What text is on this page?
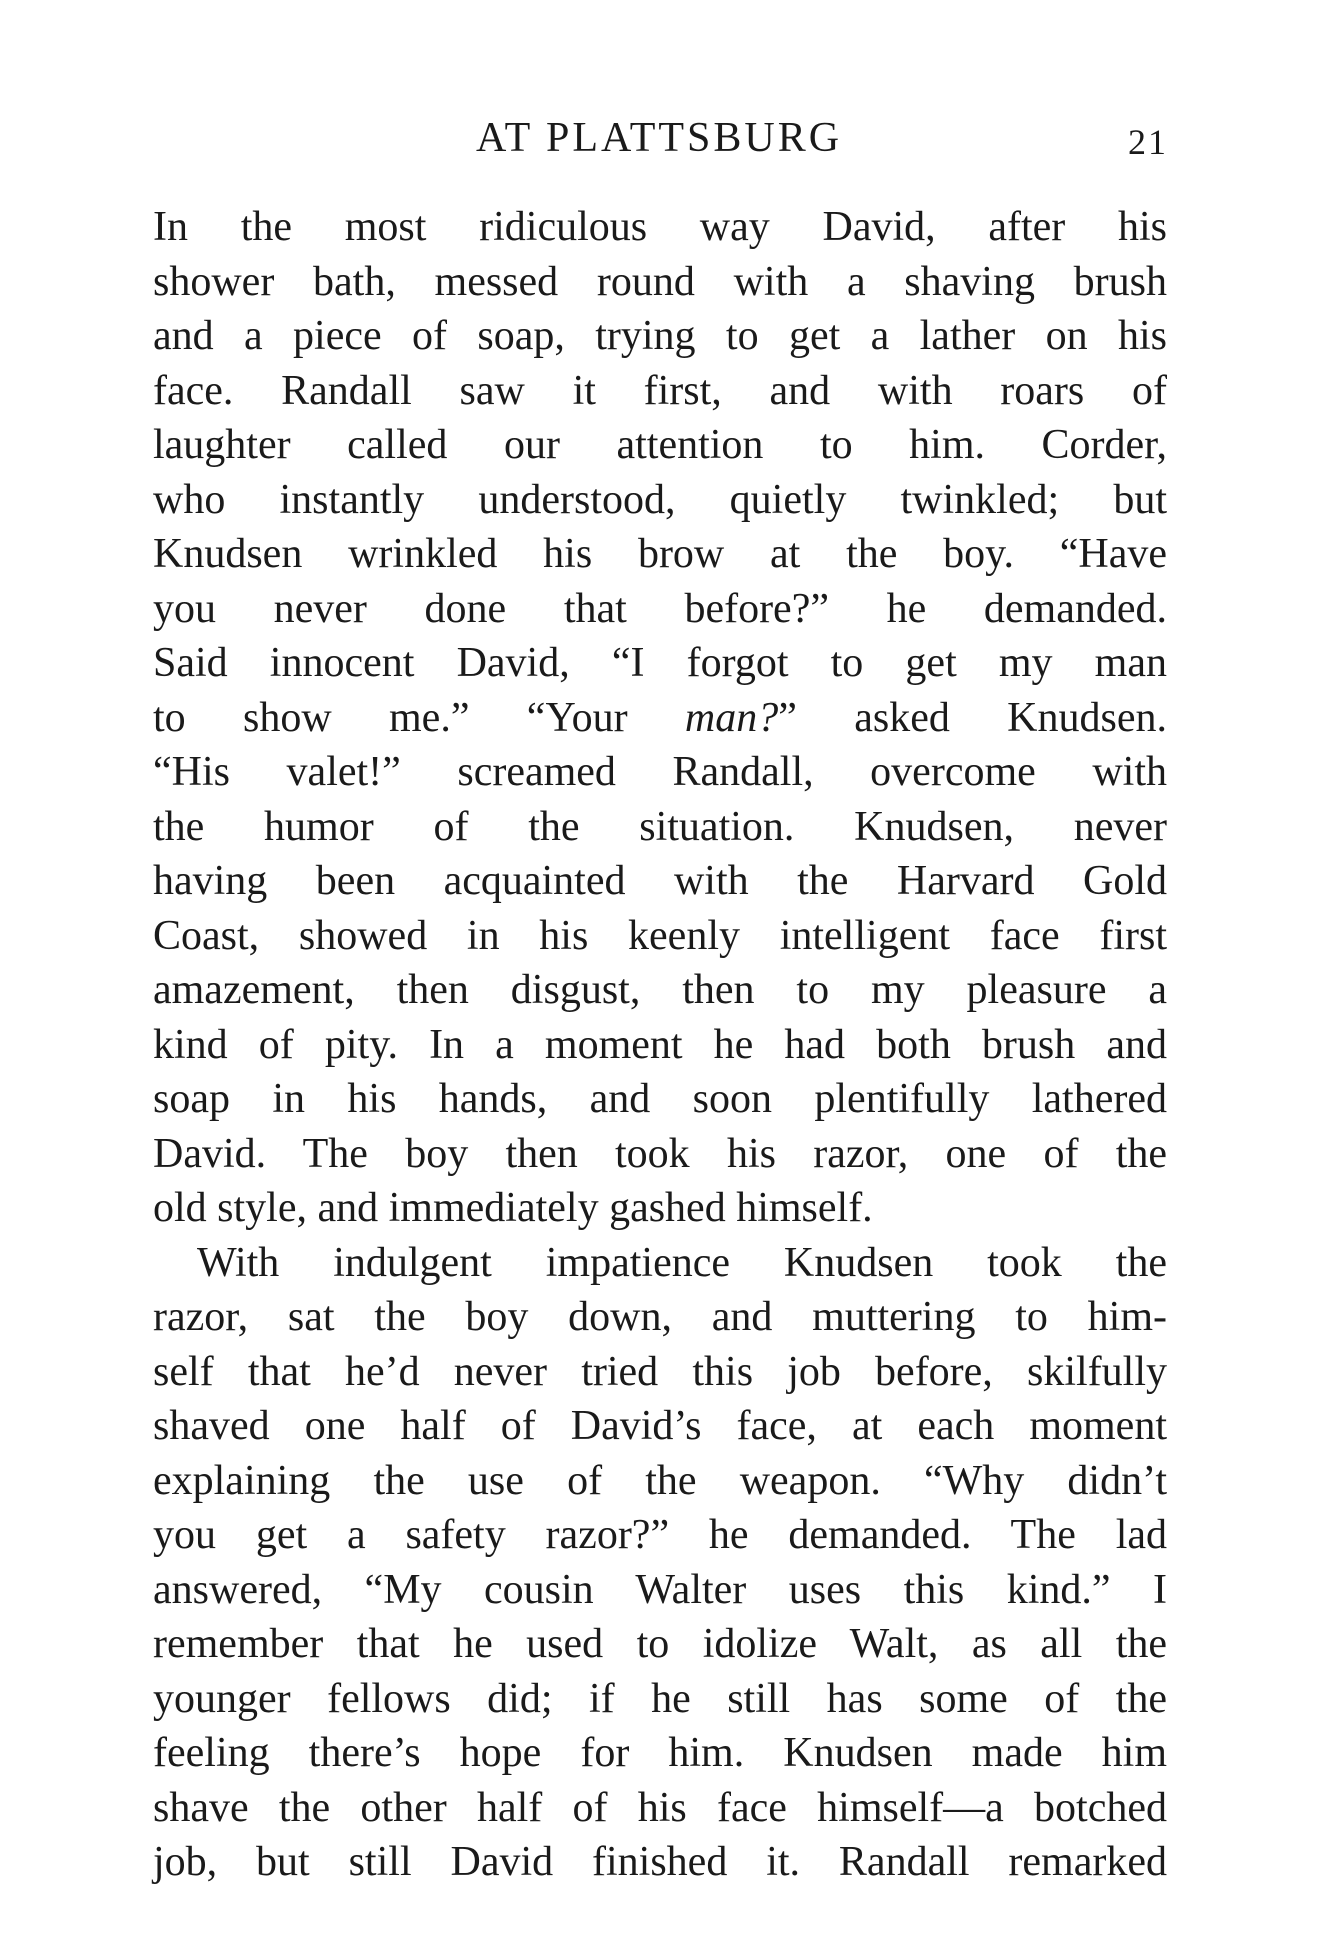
AT PLATTSBURG	21
In the most ridiculous way David, after his
shower bath, messed round with a shaving brush
and a piece of soap, trying to get a lather on his
face. Randall saw it first, and with roars of
laughter called our attention to him. Corder,
who instantly understood, quietly twinkled; but
Knudsen wrinkled his brow at the boy. “Have
you never done that before?” he demanded.
Said innocent David, “I forgot to get my man
to show me.” “Your man?” asked Knudsen.
“His valet!” screamed Randall, overcome with
the humor of the situation. Knudsen, never
having been acquainted with the Harvard Gold
Coast, showed in his keenly intelligent face first
amazement, then disgust, then to my pleasure a
kind of pity. In a moment he had both brush and
soap in his hands, and soon plentifully lathered
David. The boy then took his razor, one of the
old style, and immediately gashed himself.
With indulgent impatience Knudsen took the
razor, sat the boy down, and muttering to him-
self that he’d never tried this job before, skilfully
shaved one half of David’s face, at each moment
explaining the use of the weapon. “Why didn’t
you get a safety razor?” he demanded. The lad
answered, “My cousin Walter uses this kind.” I
remember that he used to idolize Walt, as all the
younger fellows did; if he still has some of the
feeling there’s hope for him. Knudsen made him
shave the other half of his face himself—a botched
job, but still David finished it. Randall remarked
